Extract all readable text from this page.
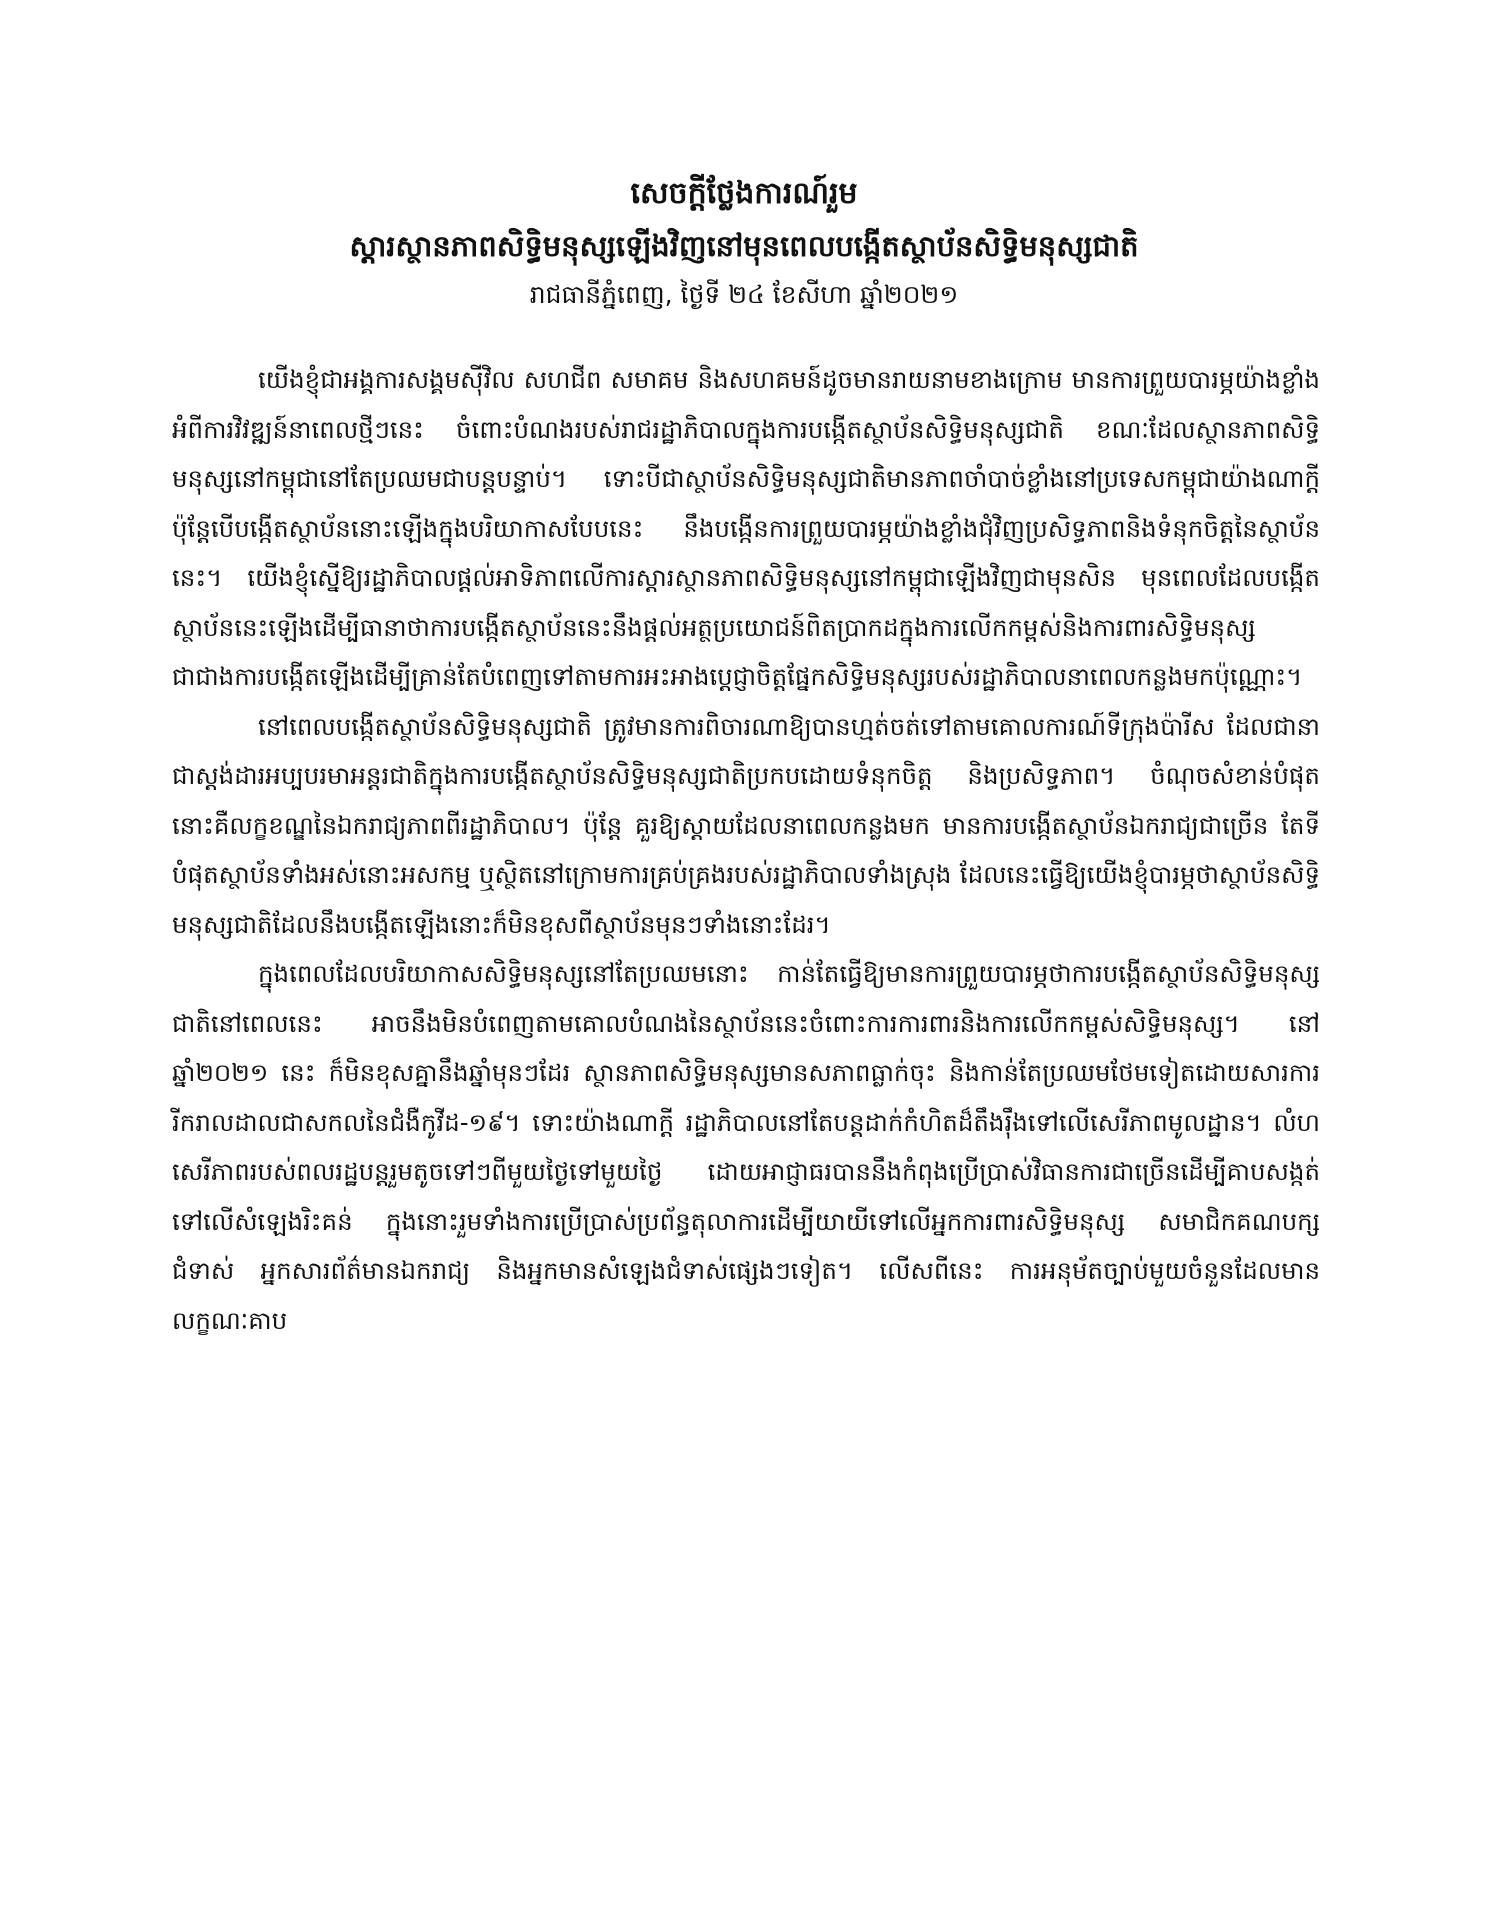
សេចក្តីថ្លែងការណ៍រួម

ស្តារស្ថានភាពសិទ្ធិមនុស្សឡើងវិញនៅមុនពេលបង្កើតស្ថាប័នសិទ្ធិមនុស្សជាតិ

រាជធានីភ្នំពេញ, ថ្ងៃទី ២៤ ខែសីហា ឆ្នាំ២០២១

យើងខ្ញុំជាអង្គការសង្គមស៊ីវិល សហជីព សមាគម និងសហគមន៍ដូចមានរាយនាមខាងក្រោម មានការព្រួយបារម្ភយ៉ាងខ្លាំងអំពីការវិវឌ្ឍន៍នាពេលថ្មីៗនេះ ចំពោះបំណងរបស់រាជរដ្ឋាភិបាលក្នុងការបង្កើតស្ថាប័នសិទ្ធិមនុស្សជាតិ ខណៈដែលស្ថានភាពសិទ្ធិមនុស្សនៅកម្ពុជានៅតែប្រឈមជាបន្តបន្ទាប់។ ទោះបីជាស្ថាប័នសិទ្ធិមនុស្សជាតិមានភាពចាំបាច់ខ្លាំងនៅប្រទេសកម្ពុជាយ៉ាងណាក្តី ប៉ុន្តែបើបង្កើតស្ថាប័ននោះឡើងក្នុងបរិយាកាសបែបនេះ នឹងបង្កើនការព្រួយបារម្ភយ៉ាងខ្លាំងជុំវិញប្រសិទ្ធភាពនិងទំនុកចិត្តនៃស្ថាប័ននេះ។ យើងខ្ញុំស្នើឱ្យរដ្ឋាភិបាលផ្តល់អាទិភាពលើការស្តារស្ថានភាពសិទ្ធិមនុស្សនៅកម្ពុជាឡើងវិញជាមុនសិន មុនពេលដែលបង្កើតស្ថាប័ននេះឡើងដើម្បីធានាថាការបង្កើតស្ថាប័ននេះនឹងផ្តល់អត្ថប្រយោជន៍ពិតប្រាកដក្នុងការលើកកម្ពស់និងការពារសិទ្ធិមនុស្ស ជាជាងការបង្កើតឡើងដើម្បីគ្រាន់តែបំពេញទៅតាមការអះអាងប្តេជ្ញាចិត្តផ្នែកសិទ្ធិមនុស្សរបស់រដ្ឋាភិបាលនាពេលកន្លងមកប៉ុណ្ណោះ។

នៅពេលបង្កើតស្ថាប័នសិទ្ធិមនុស្សជាតិ ត្រូវមានការពិចារណាឱ្យបានហ្មត់ចត់ទៅតាមគោលការណ៍ទីក្រុងប៉ារីស ដែលជានាជាស្តង់ដារអប្បបរមាអន្តរជាតិក្នុងការបង្កើតស្ថាប័នសិទ្ធិមនុស្សជាតិប្រកបដោយទំនុកចិត្ត និងប្រសិទ្ធភាព។ ចំណុចសំខាន់បំផុតនោះគឺលក្ខខណ្ឌនៃឯករាជ្យភាពពីរដ្ឋាភិបាល។ ប៉ុន្តែ គួរឱ្យស្តាយដែលនាពេលកន្លងមក មានការបង្កើតស្ថាប័នឯករាជ្យជាច្រើន តែទីបំផុតស្ថាប័នទាំងអស់នោះអសកម្ម ឬស្ថិតនៅក្រោមការគ្រប់គ្រងរបស់រដ្ឋាភិបាលទាំងស្រុង ដែលនេះធ្វើឱ្យយើងខ្ញុំបារម្ភថាស្ថាប័នសិទ្ធិមនុស្សជាតិដែលនឹងបង្កើតឡើងនោះក៏មិនខុសពីស្ថាប័នមុនៗទាំងនោះដែរ។

ក្នុងពេលដែលបរិយាកាសសិទ្ធិមនុស្សនៅតែប្រឈមនោះ កាន់តែធ្វើឱ្យមានការព្រួយបារម្ភថាការបង្កើតស្ថាប័នសិទ្ធិមនុស្សជាតិនៅពេលនេះ អាចនឹងមិនបំពេញតាមគោលបំណងនៃស្ថាប័ននេះចំពោះការការពារនិងការលើកកម្ពស់សិទ្ធិមនុស្ស។ នៅឆ្នាំ២០២១ នេះ ក៏មិនខុសគ្នានឹងឆ្នាំមុនៗដែរ ស្ថានភាពសិទ្ធិមនុស្សមានសភាពធ្លាក់ចុះ និងកាន់តែប្រឈមថែមទៀតដោយសារការរីករាលដាលជាសកលនៃជំងឺកូវីដ-១៩។ ទោះយ៉ាងណាក្តី រដ្ឋាភិបាលនៅតែបន្តដាក់កំហិតដ៏តឹងរ៉ឹងទៅលើសេរីភាពមូលដ្ឋាន។ លំហសេរីភាពរបស់ពលរដ្ឋបន្តរួមតូចទៅៗពីមួយថ្ងៃទៅមួយថ្ងៃ ដោយអាជ្ញាធរបាននឹងកំពុងប្រើប្រាស់វិធានការជាច្រើនដើម្បីគាបសង្កត់ទៅលើសំឡេងរិះគន់ ក្នុងនោះរួមទាំងការប្រើប្រាស់ប្រព័ន្ធតុលាការដើម្បីយាយីទៅលើអ្នកការពារសិទ្ធិមនុស្ស សមាជិកគណបក្សជំទាស់ អ្នកសារព័ត៌មានឯករាជ្យ និងអ្នកមានសំឡេងជំទាស់ផ្សេងៗទៀត។ លើសពីនេះ ការអនុម័តច្បាប់មួយចំនួនដែលមានលក្ខណៈគាប
